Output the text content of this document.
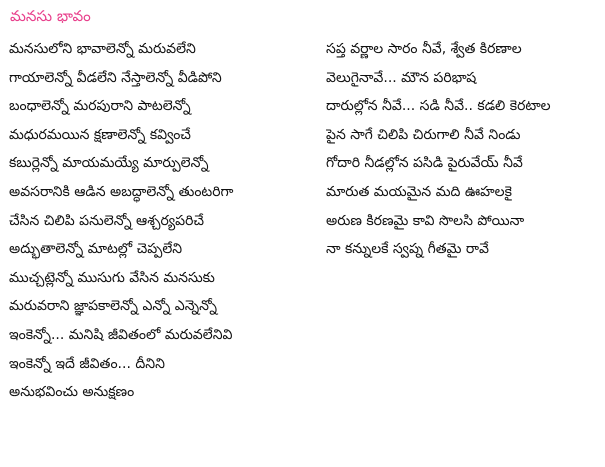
మనసు భావం
మనసులోని భావాలెన్నో మరువలేని
గాయాలెన్నో వీడలేని నేస్తాలెన్నో వీడిపోని
బంధాలెన్నో మరపురాని పాటలెన్నో
మధురమయిన క్షణాలెన్నో కవ్వించే
కబుర్లెన్నో మాయమయ్యే మార్పులెన్నో
అవసరానికి ఆడిన అబద్ధాలెన్నో తుంటరిగా
చేసిన చిలిపి పనులెన్నో ఆశ్చర్యపరిచే
అద్భుతాలెన్నో మాటల్లో చెప్పలేని
ముచ్చట్లెన్నో ముసుగు వేసిన మనసుకు
మరువరాని జ్ఞాపకాలెన్నో ఎన్నో ఎన్నెన్నో
ఇంకెన్నో... మనిషి జీవితంలో మరువలేనివి
ఇంకెన్నో ఇదే జీవితం... దీనిని
అనుభవించు అనుక్షణం
సప్త వర్ణాల సారం నీవే, శ్వేత కిరణాల
వెలుగైనావే... మౌన పరిభాష
దారుల్లోన నీవే... సడి నీవే.. కడలి కెరటాల
పైన సాగే చిలిపి చిరుగాలి నీవే నిండు
గోదారి నీడల్లోన పసిడి పైరువేయ్ నీవే
మారుత మయమైన మది ఊహలకై
అరుణ కిరణమై కావి సొలసి పోయినా
నా కన్నులకే స్వప్న గీతమై రావే
